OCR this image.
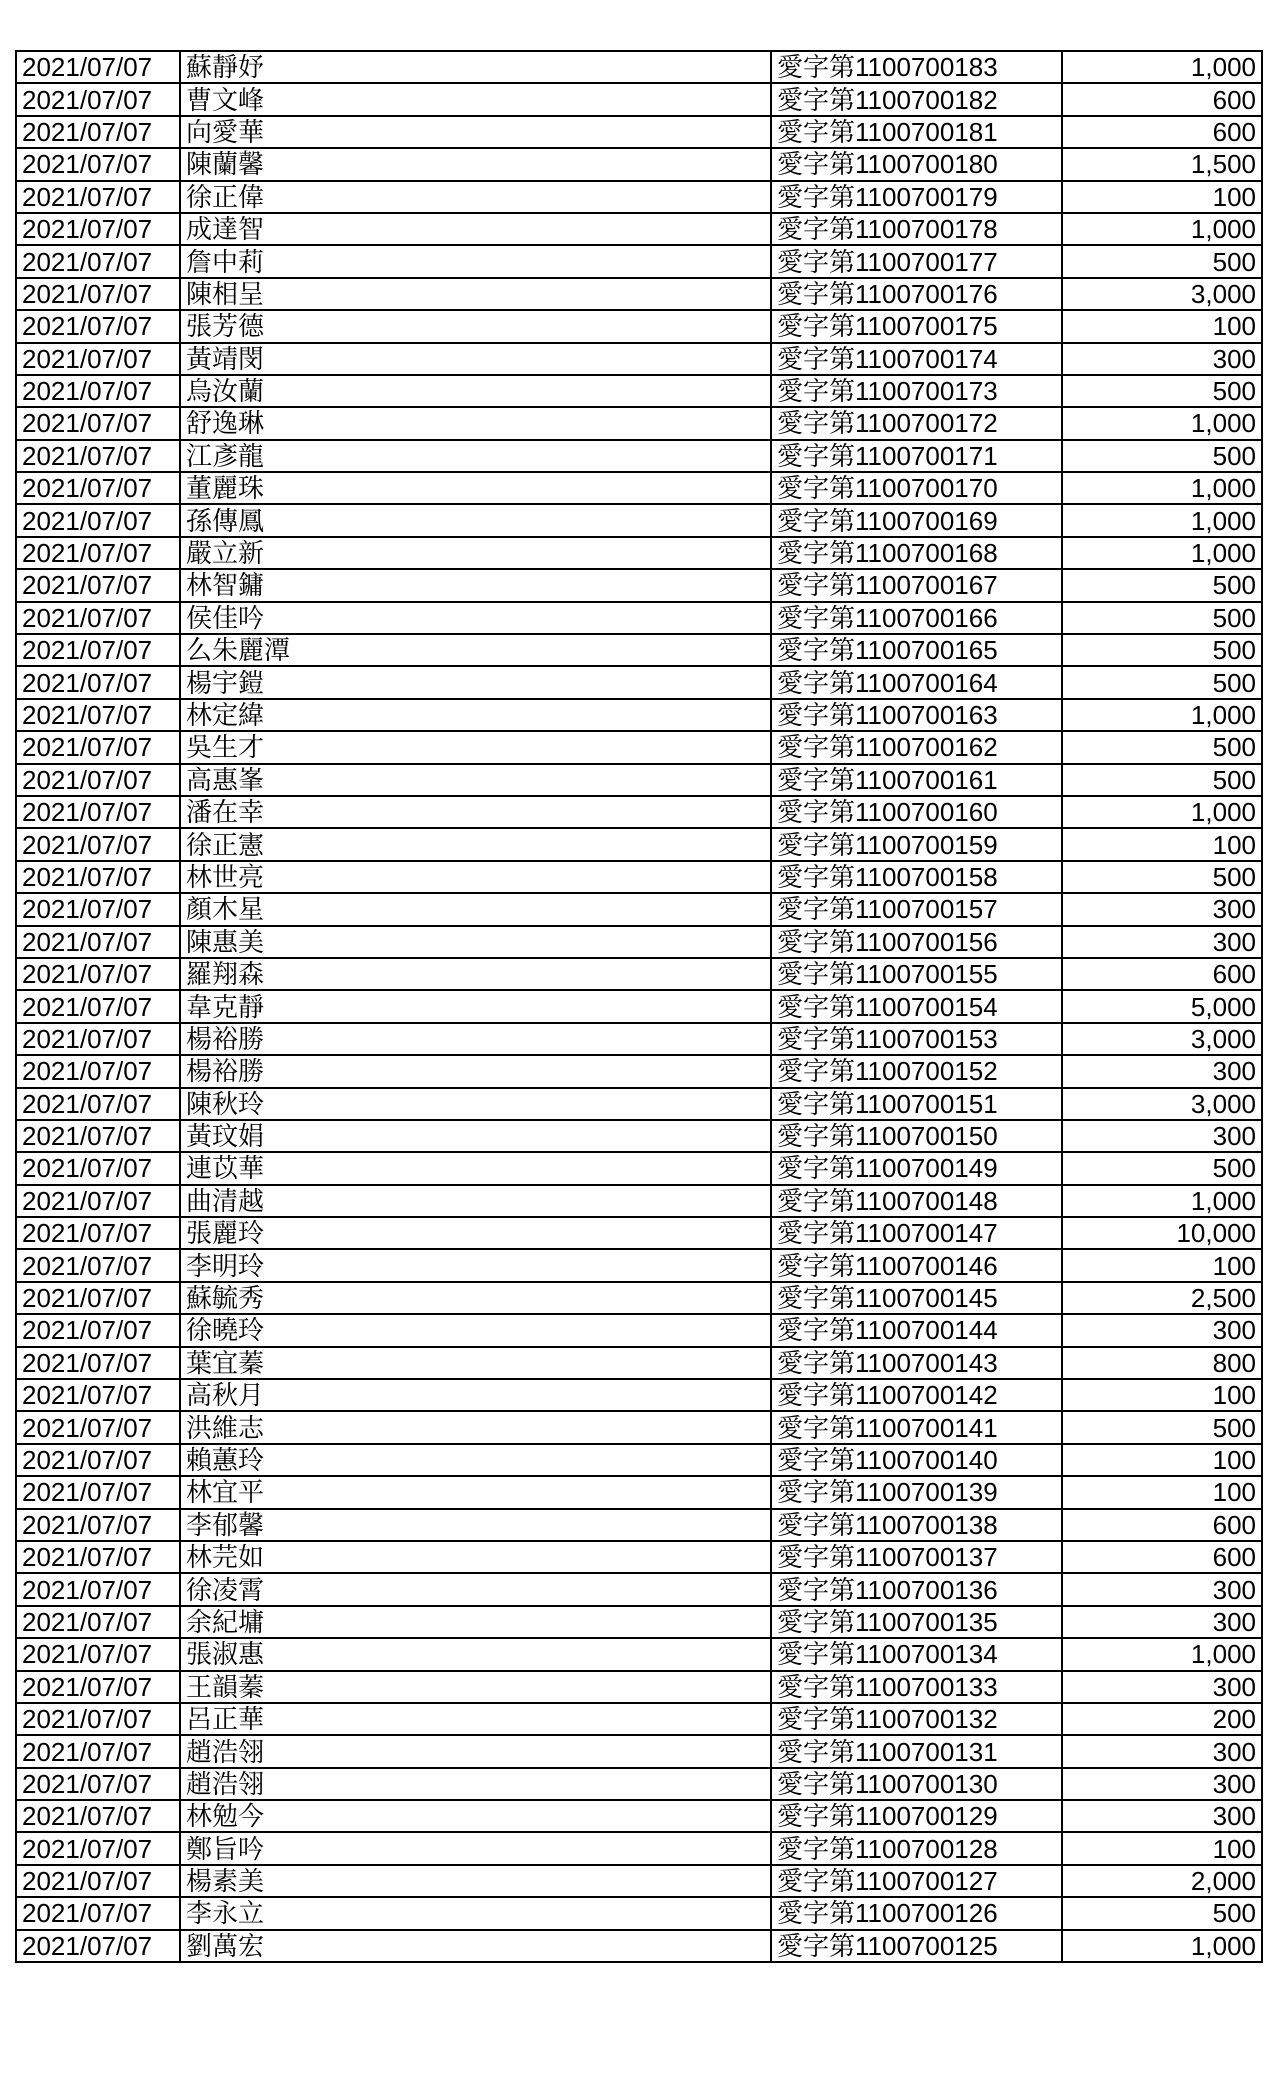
2021/07/07	蘇靜妤	愛字第1100700183	1,000
2021/07/07	曹文峰	愛字第1100700182	600
2021/07/07	向愛華	愛字第1100700181	600
2021/07/07	陳蘭馨	愛字第1100700180	1,500
2021/07/07	徐正偉	愛字第1100700179	100
2021/07/07	成達智	愛字第1100700178	1,000
2021/07/07	詹中莉	愛字第1100700177	500
2021/07/07	陳相呈	愛字第1100700176	3,000
2021/07/07	張芳德	愛字第1100700175	100
2021/07/07	黃靖閔	愛字第1100700174	300
2021/07/07	烏汝蘭	愛字第1100700173	500
2021/07/07	舒逸琳	愛字第1100700172	1,000
2021/07/07	江彥龍	愛字第1100700171	500
2021/07/07	董麗珠	愛字第1100700170	1,000
2021/07/07	孫傳鳳	愛字第1100700169	1,000
2021/07/07	嚴立新	愛字第1100700168	1,000
2021/07/07	林智鏞	愛字第1100700167	500
2021/07/07	侯佳吟	愛字第1100700166	500
2021/07/07	么朱麗潭	愛字第1100700165	500
2021/07/07	楊宇鎧	愛字第1100700164	500
2021/07/07	林定緯	愛字第1100700163	1,000
2021/07/07	吳生才	愛字第1100700162	500
2021/07/07	高惠峯	愛字第1100700161	500
2021/07/07	潘在幸	愛字第1100700160	1,000
2021/07/07	徐正憲	愛字第1100700159	100
2021/07/07	林世亮	愛字第1100700158	500
2021/07/07	顏木星	愛字第1100700157	300
2021/07/07	陳惠美	愛字第1100700156	300
2021/07/07	羅翔森	愛字第1100700155	600
2021/07/07	韋克靜	愛字第1100700154	5,000
2021/07/07	楊裕勝	愛字第1100700153	3,000
2021/07/07	楊裕勝	愛字第1100700152	300
2021/07/07	陳秋玲	愛字第1100700151	3,000
2021/07/07	黃玟娟	愛字第1100700150	300
2021/07/07	連苡華	愛字第1100700149	500
2021/07/07	曲清越	愛字第1100700148	1,000
2021/07/07	張麗玲	愛字第1100700147	10,000
2021/07/07	李明玲	愛字第1100700146	100
2021/07/07	蘇毓秀	愛字第1100700145	2,500
2021/07/07	徐曉玲	愛字第1100700144	300
2021/07/07	葉宜蓁	愛字第1100700143	800
2021/07/07	高秋月	愛字第1100700142	100
2021/07/07	洪維志	愛字第1100700141	500
2021/07/07	賴蕙玲	愛字第1100700140	100
2021/07/07	林宜平	愛字第1100700139	100
2021/07/07	李郁馨	愛字第1100700138	600
2021/07/07	林芫如	愛字第1100700137	600
2021/07/07	徐凌霄	愛字第1100700136	300
2021/07/07	余紀墉	愛字第1100700135	300
2021/07/07	張淑惠	愛字第1100700134	1,000
2021/07/07	王韻蓁	愛字第1100700133	300
2021/07/07	呂正華	愛字第1100700132	200
2021/07/07	趙浩翎	愛字第1100700131	300
2021/07/07	趙浩翎	愛字第1100700130	300
2021/07/07	林勉今	愛字第1100700129	300
2021/07/07	鄭旨吟	愛字第1100700128	100
2021/07/07	楊素美	愛字第1100700127	2,000
2021/07/07	李永立	愛字第1100700126	500
2021/07/07	劉萬宏	愛字第1100700125	1,000
